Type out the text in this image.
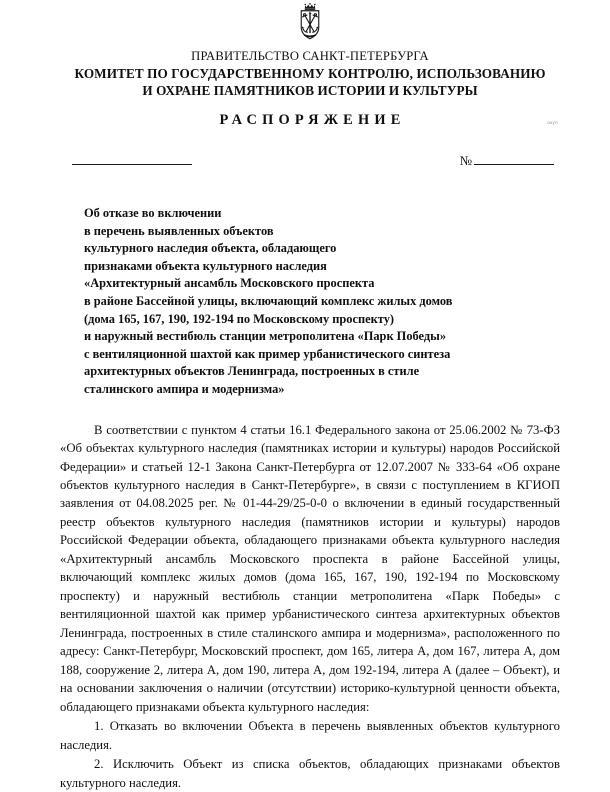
ПРАВИТЕЛЬСТВО САНКТ-ПЕТЕРБУРГА
КОМИТЕТ ПО ГОСУДАРСТВЕННОМУ КОНТРОЛЮ, ИСПОЛЬЗОВАНИЮ
И ОХРАНЕ ПАМЯТНИКОВ ИСТОРИИ И КУЛЬТУРЫ
РАСПОРЯЖЕНИЕ	окул
№
Об отказе во включении
в перечень выявленных объектов
культурного наследия объекта, обладающего
признаками объекта культурного наследия
«Архитектурный ансамбль Московского проспекта
в районе Бассейной улицы, включающий комплекс жилых домов
(дома 165, 167, 190, 192-194 по Московскому проспекту)
и наружный вестибюль станции метрополитена «Парк Победы»
с вентиляционной шахтой как пример урбанистического синтеза
архитектурных объектов Ленинграда, построенных в стиле
сталинского ампира и модернизма»

В соответствии с пунктом 4 статьи 16.1 Федерального закона от 25.06.2002 № 73-ФЗ «Об объектах культурного наследия (памятниках истории и культуры) народов Российской Федерации» и статьей 12-1 Закона Санкт-Петербурга от 12.07.2007 № 333-64 «Об охране объектов культурного наследия в Санкт-Петербурге», в связи с поступлением в КГИОП заявления от 04.08.2025 рег. № 01-44-29/25-0-0 о включении в единый государственный реестр объектов культурного наследия (памятников истории и культуры) народов Российской Федерации объекта, обладающего признаками объекта культурного наследия «Архитектурный ансамбль Московского проспекта в районе Бассейной улицы, включающий комплекс жилых домов (дома 165, 167, 190, 192-194 по Московскому проспекту) и наружный вестибюль станции метрополитена «Парк Победы» с вентиляционной шахтой как пример урбанистического синтеза архитектурных объектов Ленинграда, построенных в стиле сталинского ампира и модернизма», расположенного по адресу: Санкт-Петербург, Московский проспект, дом 165, литера А, дом 167, литера А, дом 188, сооружение 2, литера А, дом 190, литера А, дом 192-194, литера А (далее – Объект), и на основании заключения о наличии (отсутствии) историко-культурной ценности объекта, обладающего признаками объекта культурного наследия:

1. Отказать во включении Объекта в перечень выявленных объектов культурного наследия.

2. Исключить Объект из списка объектов, обладающих признаками объектов культурного наследия.
